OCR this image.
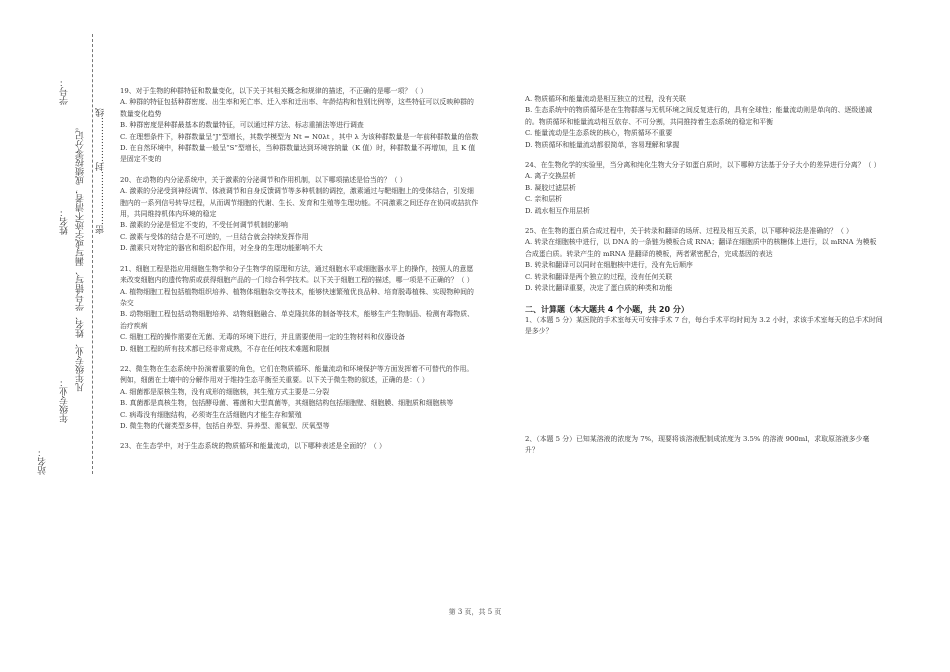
学号：
姓名：
年级专业：
凡年级专业、姓名、学号错写、漏写或字迹不清者，成绩按零分记。 密………………封……………线
站名：

19、对于生物的种群特征和数量变化，以下关于其相关概念和规律的描述，不正确的是哪一项？（ ）

A. 种群的特征包括种群密度、出生率和死亡率、迁入率和迁出率、年龄结构和性别比例等，这些特征可以反映种群的数量变化趋势

B. 种群密度是种群最基本的数量特征，可以通过样方法、标志重捕法等进行调查

C. 在理想条件下，种群数量呈“J”型增长，其数学模型为 Nt = N0λt ，其中 λ 为该种群数量是一年前种群数量的倍数

D. 在自然环境中，种群数量一般呈“S”型增长，当种群数量达到环境容纳量（K 值）时，种群数量不再增加，且 K 值是固定不变的

20、在动物的内分泌系统中，关于激素的分泌调节和作用机制，以下哪项描述是恰当的？（ ）

A. 激素的分泌受到神经调节、体液调节和自身反馈调节等多种机制的调控，激素通过与靶细胞上的受体结合，引发细胞内的一系列信号转导过程，从而调节细胞的代谢、生长、发育和生殖等生理功能。不同激素之间还存在协同或拮抗作用，共同维持机体内环境的稳定

B. 激素的分泌是恒定不变的，不受任何调节机制的影响

C. 激素与受体的结合是不可逆的，一旦结合就会持续发挥作用

D. 激素只对特定的器官和组织起作用，对全身的生理功能影响不大

21、细胞工程是指应用细胞生物学和分子生物学的原理和方法，通过细胞水平或细胞器水平上的操作，按照人的意愿来改变细胞内的遗传物质或获得细胞产品的一门综合科学技术。以下关于细胞工程的描述，哪一项是不正确的？（ ）

A. 植物细胞工程包括植物组织培养、植物体细胞杂交等技术，能够快速繁殖优良品种、培育脱毒植株、实现物种间的杂交

B. 动物细胞工程包括动物细胞培养、动物细胞融合、单克隆抗体的制备等技术，能够生产生物制品、检测有毒物质、治疗疾病

C. 细胞工程的操作需要在无菌、无毒的环境下进行，并且需要使用一定的生物材料和仪器设备

D. 细胞工程的所有技术都已经非常成熟，不存在任何技术难题和限制

22、微生物在生态系统中扮演着重要的角色，它们在物质循环、能量流动和环境保护等方面发挥着不可替代的作用。例如，细菌在土壤中的分解作用对于维持生态平衡至关重要。以下关于微生物的叙述，正确的是：（ ）

A. 细菌都是原核生物，没有成形的细胞核，其生殖方式主要是二分裂

B. 真菌都是真核生物，包括酵母菌、霉菌和大型真菌等，其细胞结构包括细胞壁、细胞膜、细胞质和细胞核等

C. 病毒没有细胞结构，必须寄生在活细胞内才能生存和繁殖

D. 微生物的代谢类型多样，包括自养型、异养型、需氧型、厌氧型等

23、在生态学中，对于生态系统的物质循环和能量流动，以下哪种表述是全面的？（ ）

A. 物质循环和能量流动是相互独立的过程，没有关联

B. 生态系统中的物质循环是在生物群落与无机环境之间反复进行的，具有全球性；能量流动则是单向的、逐级递减的。物质循环和能量流动相互依存、不可分割，共同推持着生态系统的稳定和平衡

C. 能量流动是生态系统的核心，物质循环不重要

D. 物质循环和能量流动都很简单，容易理解和掌握

24、在生物化学的实验里，当分离和纯化生物大分子如蛋白质时，以下哪种方法基于分子大小的差异进行分离？（ ）

A. 离子交换层析

B. 凝胶过滤层析

C. 亲和层析

D. 疏水相互作用层析

25、在生物的蛋白质合成过程中，关于转录和翻译的场所、过程及相互关系，以下哪种说法是准确的？（ ）

A. 转录在细胞核中进行，以 DNA 的一条链为模板合成 RNA；翻译在细胞质中的核糖体上进行，以 mRNA 为模板合成蛋白质。转录产生的 mRNA 是翻译的模板，两者紧密配合，完成基因的表达

B. 转录和翻译可以同时在细胞核中进行，没有先后顺序

C. 转录和翻译是两个独立的过程，没有任何关联

D. 转录比翻译重要，决定了蛋白质的种类和功能

二、计算题（本大题共 4 个小题，共 20 分）

1、（本题 5 分）某医院的手术室每天可安排手术 7 台，每台手术平均时间为 3.2 小时，求该手术室每天的总手术时间是多少？

2、（本题 5 分）已知某溶液的浓度为 7%，现要将该溶液配制成浓度为 3.5% 的溶液 900ml，求取原溶液多少毫升？

第 3 页，共 5 页
